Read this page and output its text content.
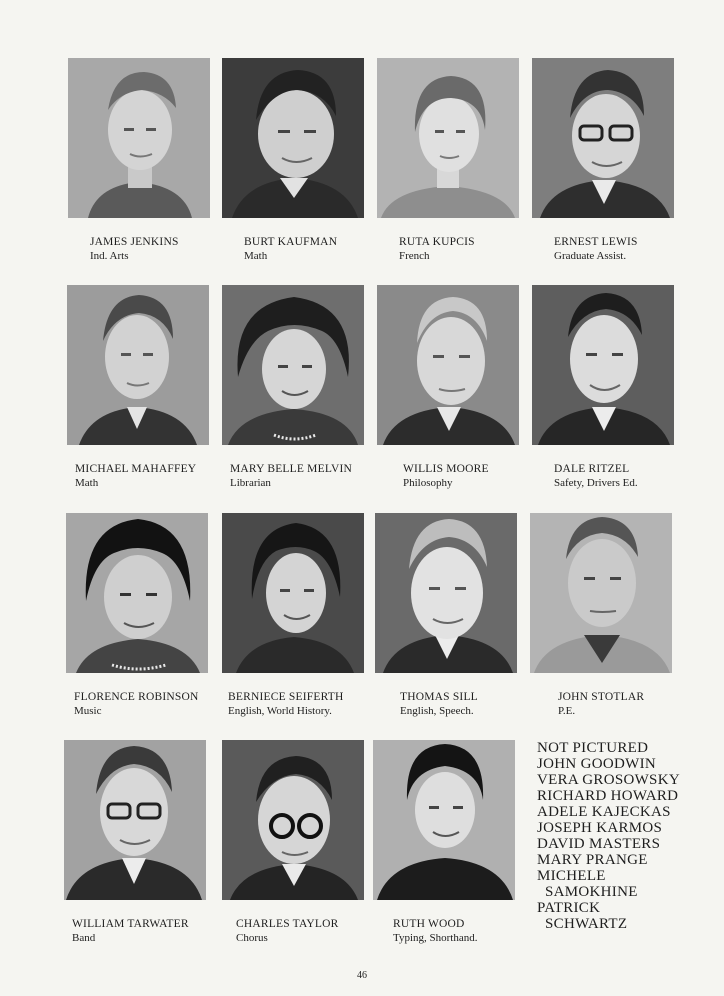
JAMES JENKINS
Ind. Arts
BURT KAUFMAN
Math
RUTA KUPCIS
French
ERNEST LEWIS
Graduate Assist.
MICHAEL MAHAFFEY
Math
MARY BELLE MELVIN
Librarian
WILLIS MOORE
Philosophy
DALE RITZEL
Safety, Drivers Ed.
FLORENCE ROBINSON
Music
BERNIECE SEIFERTH
English, World History.
THOMAS SILL
English, Speech.
JOHN STOTLAR
P.E.
WILLIAM TARWATER
Band
CHARLES TAYLOR
Chorus
RUTH WOOD
Typing, Shorthand.
NOT PICTURED
JOHN GOODWIN
VERA GROSOWSKY
RICHARD HOWARD
ADELE KAJECKAS
JOSEPH KARMOS
DAVID MASTERS
MARY PRANGE
MICHELE
SAMOKHINE
PATRICK
SCHWARTZ
46
